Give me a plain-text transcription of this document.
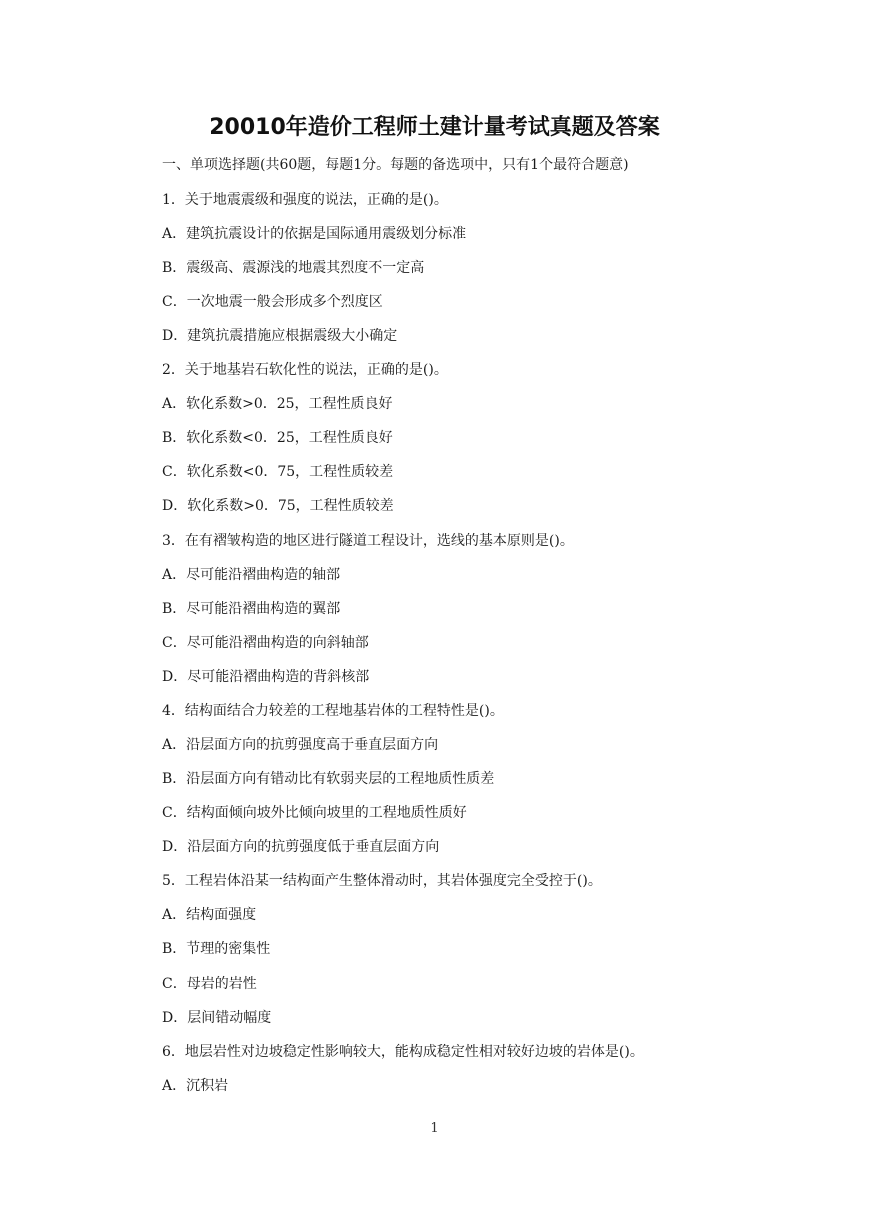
20010年造价工程师土建计量考试真题及答案
一、单项选择题(共60题，每题1分。每题的备选项中，只有1个最符合题意)
1．关于地震震级和强度的说法，正确的是()。
A．建筑抗震设计的依据是国际通用震级划分标准
B．震级高、震源浅的地震其烈度不一定高
C．一次地震一般会形成多个烈度区
D．建筑抗震措施应根据震级大小确定
2．关于地基岩石软化性的说法，正确的是()。
A．软化系数>0．25，工程性质良好
B．软化系数<0．25，工程性质良好
C．软化系数<0．75，工程性质较差
D．软化系数>0．75，工程性质较差
3．在有褶皱构造的地区进行隧道工程设计，选线的基本原则是()。
A．尽可能沿褶曲构造的轴部
B．尽可能沿褶曲构造的翼部
C．尽可能沿褶曲构造的向斜轴部
D．尽可能沿褶曲构造的背斜核部
4．结构面结合力较差的工程地基岩体的工程特性是()。
A．沿层面方向的抗剪强度高于垂直层面方向
B．沿层面方向有错动比有软弱夹层的工程地质性质差
C．结构面倾向坡外比倾向坡里的工程地质性质好
D．沿层面方向的抗剪强度低于垂直层面方向
5．工程岩体沿某一结构面产生整体滑动时，其岩体强度完全受控于()。
A．结构面强度
B．节理的密集性
C．母岩的岩性
D．层间错动幅度
6．地层岩性对边坡稳定性影响较大，能构成稳定性相对较好边坡的岩体是()。
A．沉积岩
1
